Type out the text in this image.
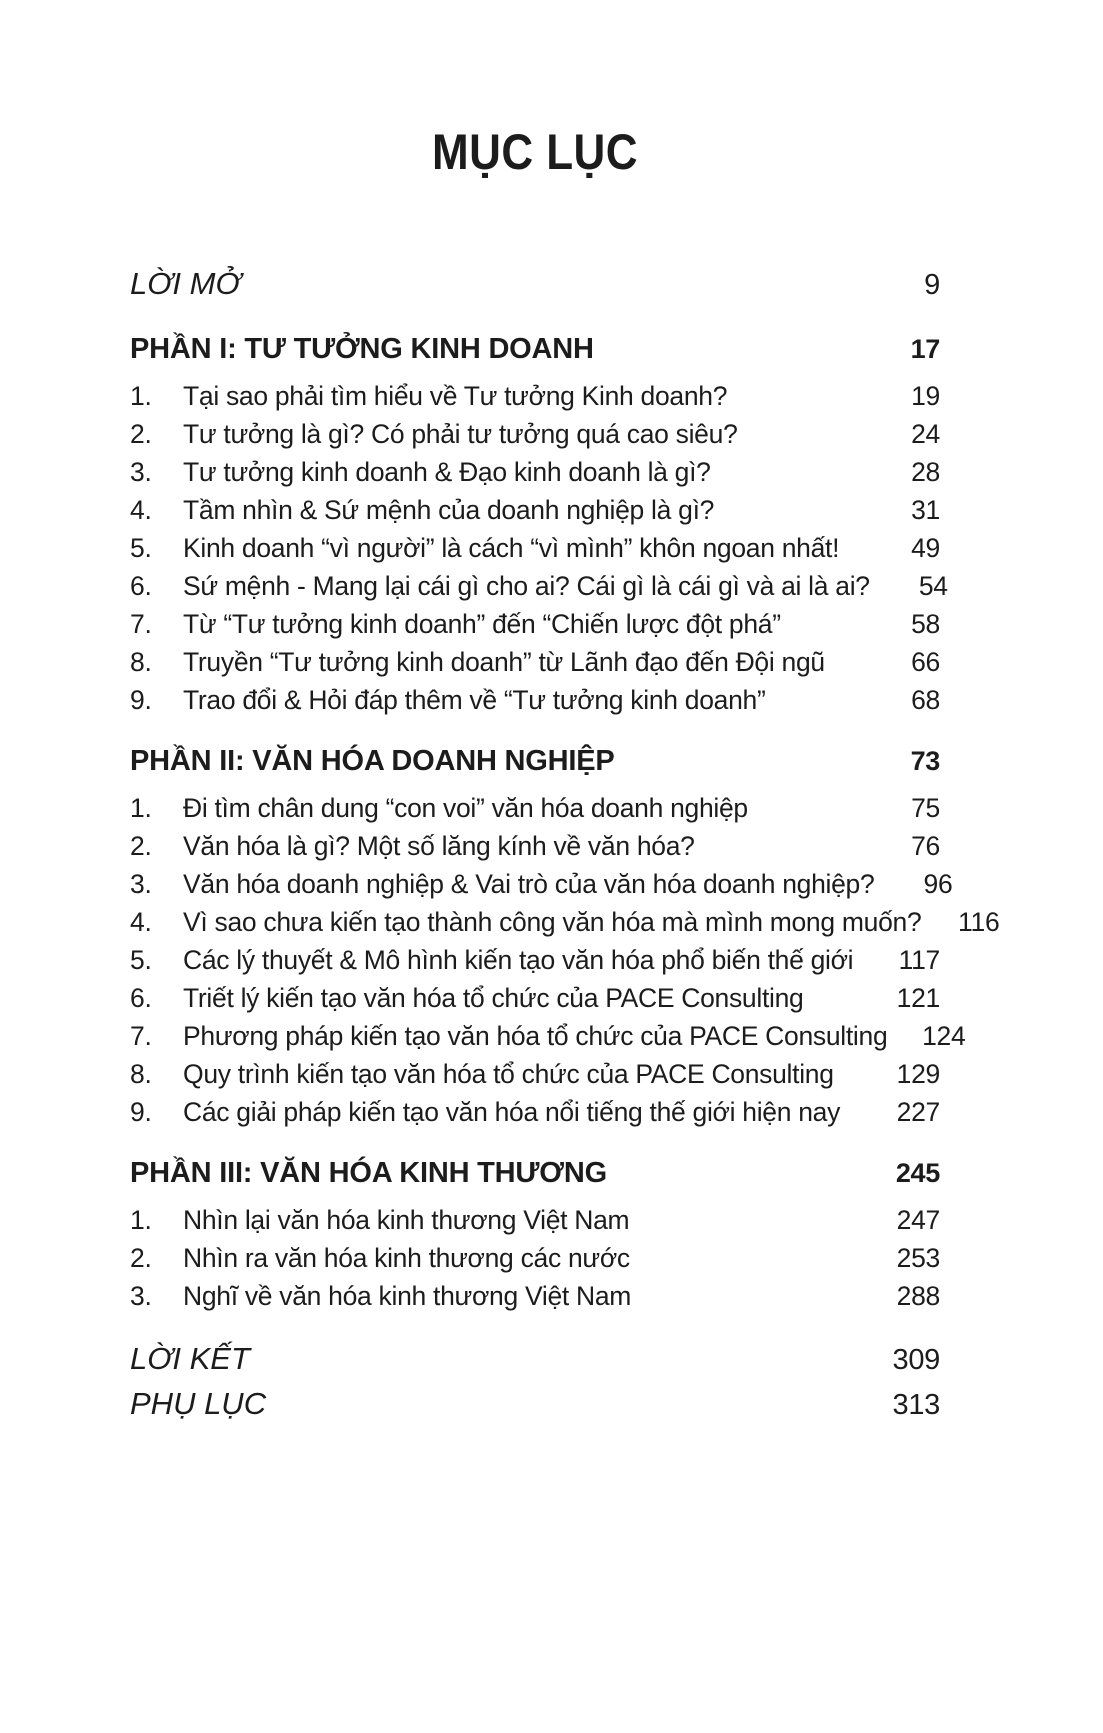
MỤC LỤC
LỜI MỞ	9
PHẦN I: TƯ TƯỞNG KINH DOANH	17
1.	Tại sao phải tìm hiểu về Tư tưởng Kinh doanh?	19
2.	Tư tưởng là gì? Có phải tư tưởng quá cao siêu?	24
3.	Tư tưởng kinh doanh & Đạo kinh doanh là gì?	28
4.	Tầm nhìn & Sứ mệnh của doanh nghiệp là gì?	31
5.	Kinh doanh “vì người” là cách “vì mình” khôn ngoan nhất!	49
6.	Sứ mệnh - Mang lại cái gì cho ai? Cái gì là cái gì và ai là ai?	54
7.	Từ “Tư tưởng kinh doanh” đến “Chiến lược đột phá”	58
8.	Truyền “Tư tưởng kinh doanh” từ Lãnh đạo đến Đội ngũ	66
9.	Trao đổi & Hỏi đáp thêm về “Tư tưởng kinh doanh”	68
PHẦN II: VĂN HÓA DOANH NGHIỆP	73
1.	Đi tìm chân dung “con voi” văn hóa doanh nghiệp	75
2.	Văn hóa là gì? Một số lăng kính về văn hóa?	76
3.	Văn hóa doanh nghiệp & Vai trò của văn hóa doanh nghiệp?	96
4.	Vì sao chưa kiến tạo thành công văn hóa mà mình mong muốn?	116
5.	Các lý thuyết & Mô hình kiến tạo văn hóa phổ biến thế giới	117
6.	Triết lý kiến tạo văn hóa tổ chức của PACE Consulting	121
7.	Phương pháp kiến tạo văn hóa tổ chức của PACE Consulting	124
8.	Quy trình kiến tạo văn hóa tổ chức của PACE Consulting	129
9.	Các giải pháp kiến tạo văn hóa nổi tiếng thế giới hiện nay	227
PHẦN III: VĂN HÓA KINH THƯƠNG	245
1.	Nhìn lại văn hóa kinh thương Việt Nam	247
2.	Nhìn ra văn hóa kinh thương các nước	253
3.	Nghĩ về văn hóa kinh thương Việt Nam	288
LỜI KẾT	309
PHỤ LỤC	313
